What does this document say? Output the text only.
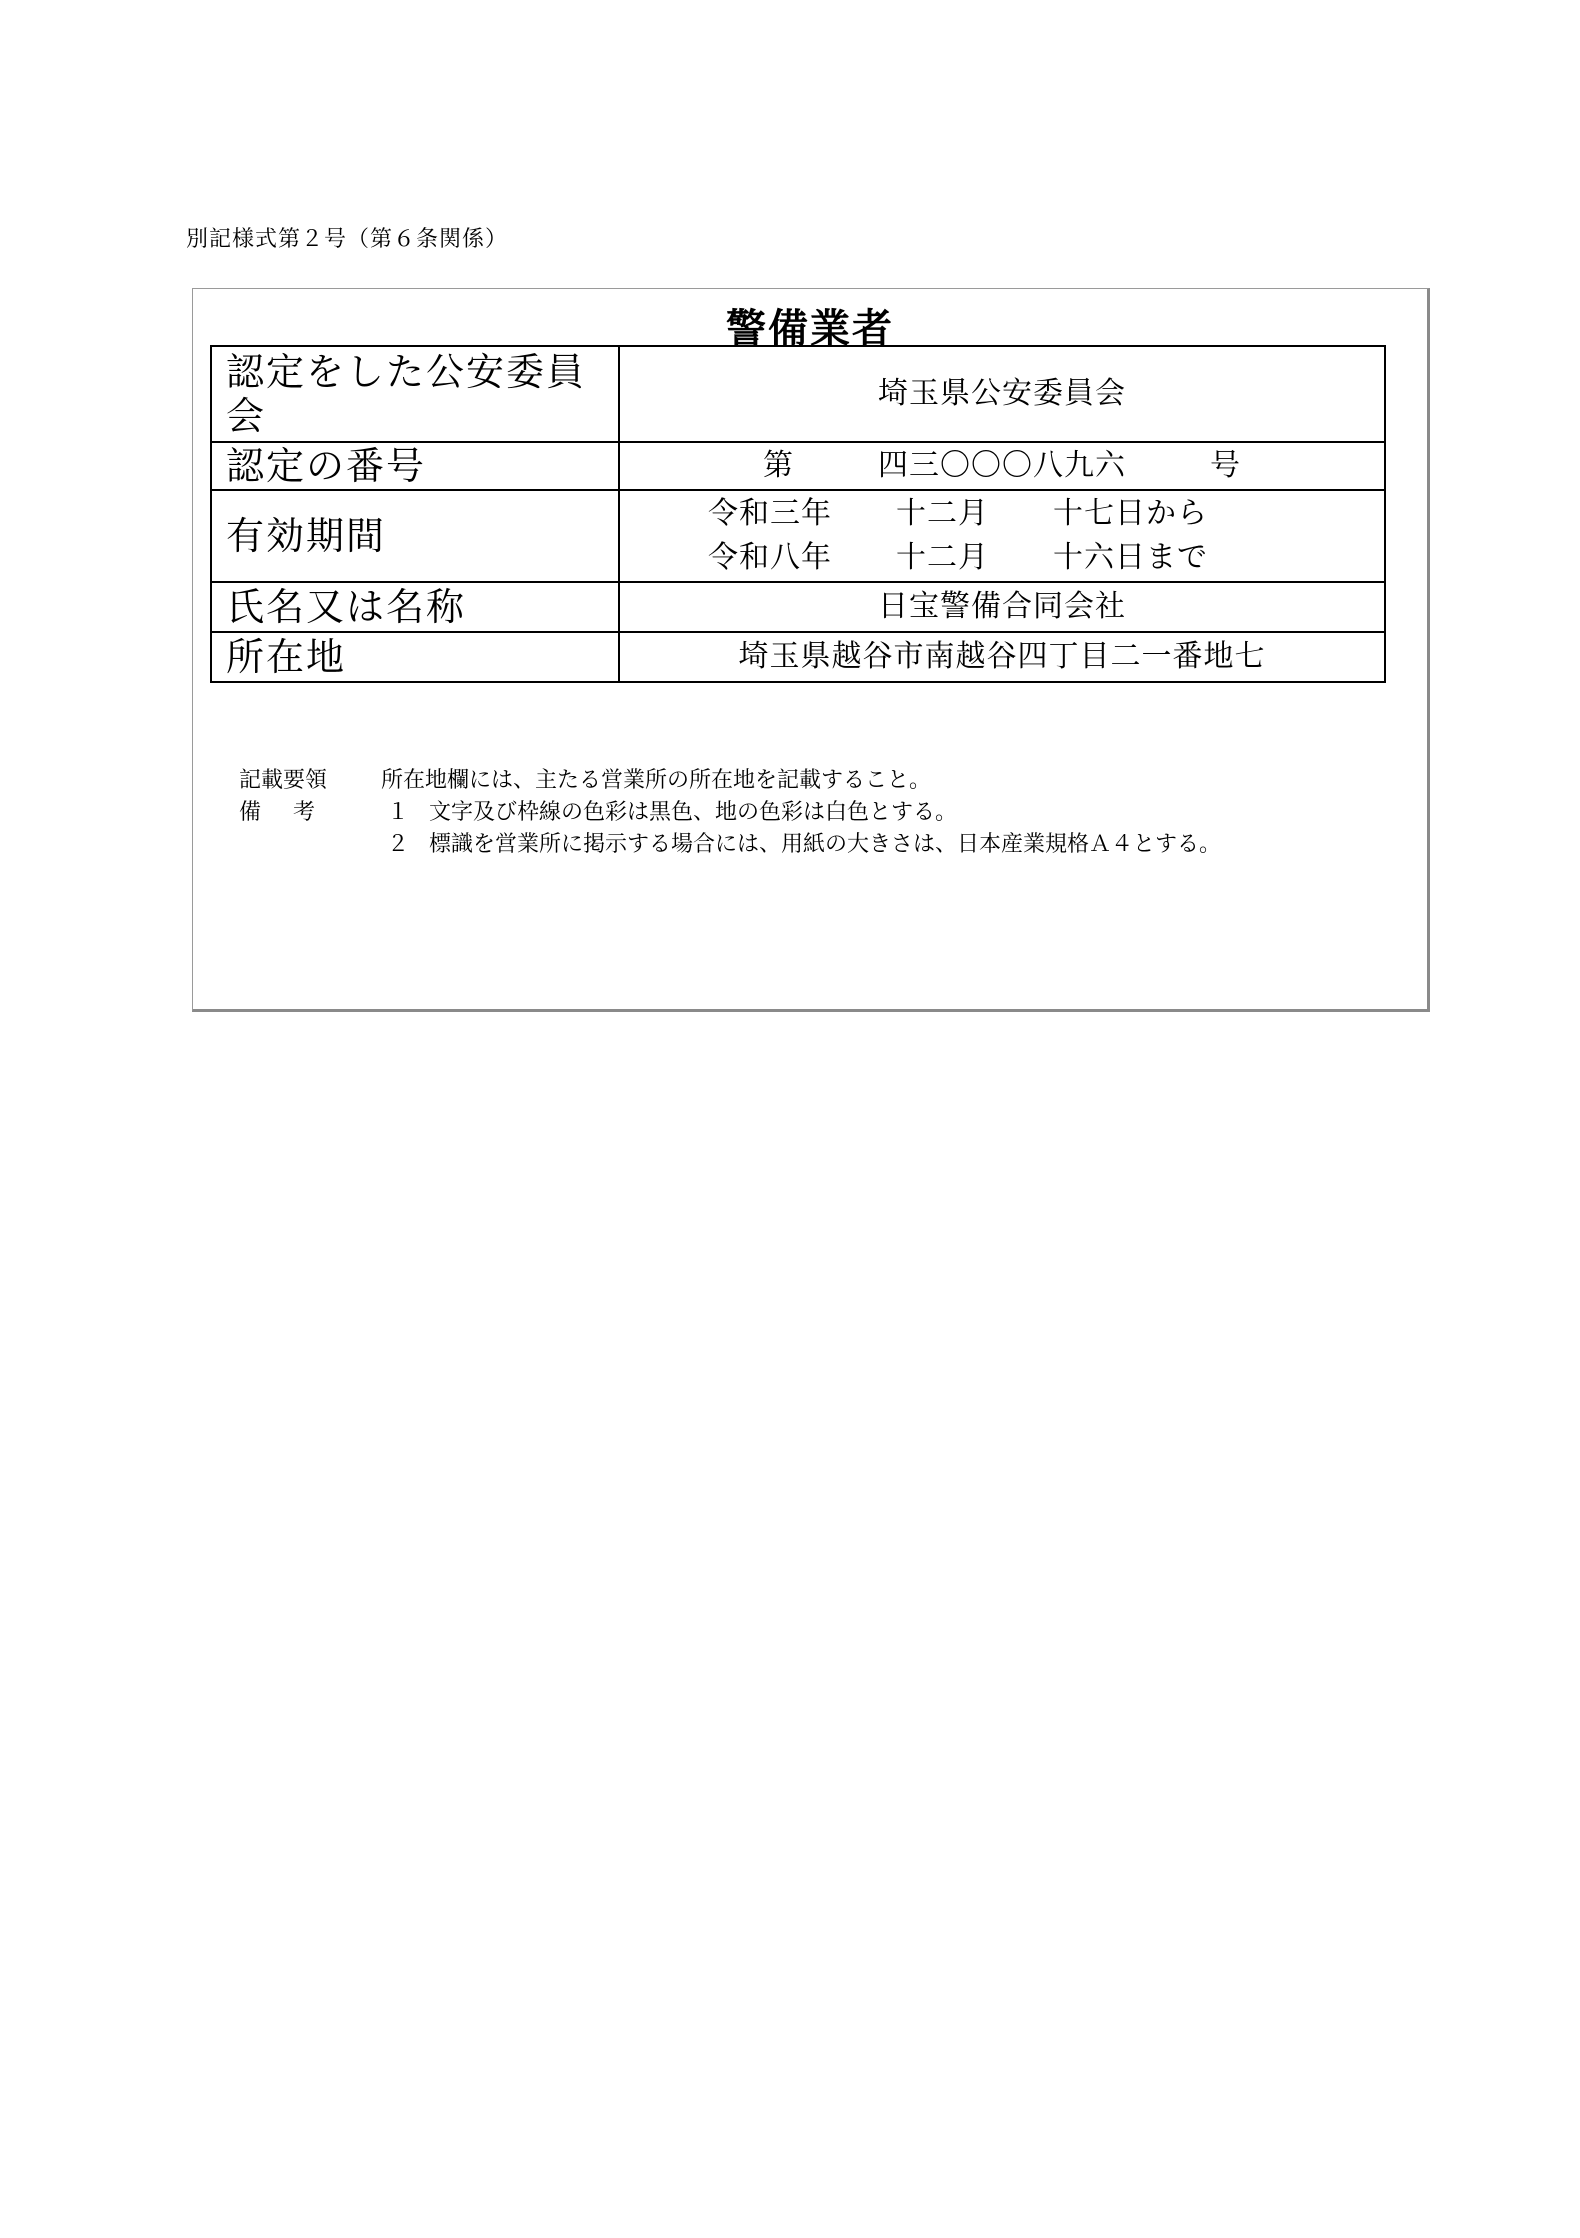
別記様式第２号（第６条関係）
警備業者
認定をした公安委員会	埼玉県公安委員会
認定の番号	第 四三〇〇〇八九六 号
有効期間	令和三年 十二月 十七日から
令和八年 十二月 十六日まで

氏名又は名称	日宝警備合同会社
所在地	埼玉県越谷市南越谷四丁目二一番地七
記載要領	所在地欄には、主たる営業所の所在地を記載すること。
備考	１ 文字及び枠線の色彩は黒色、地の色彩は白色とする。
２ 標識を営業所に掲示する場合には、用紙の大きさは、日本産業規格Ａ４とする。
